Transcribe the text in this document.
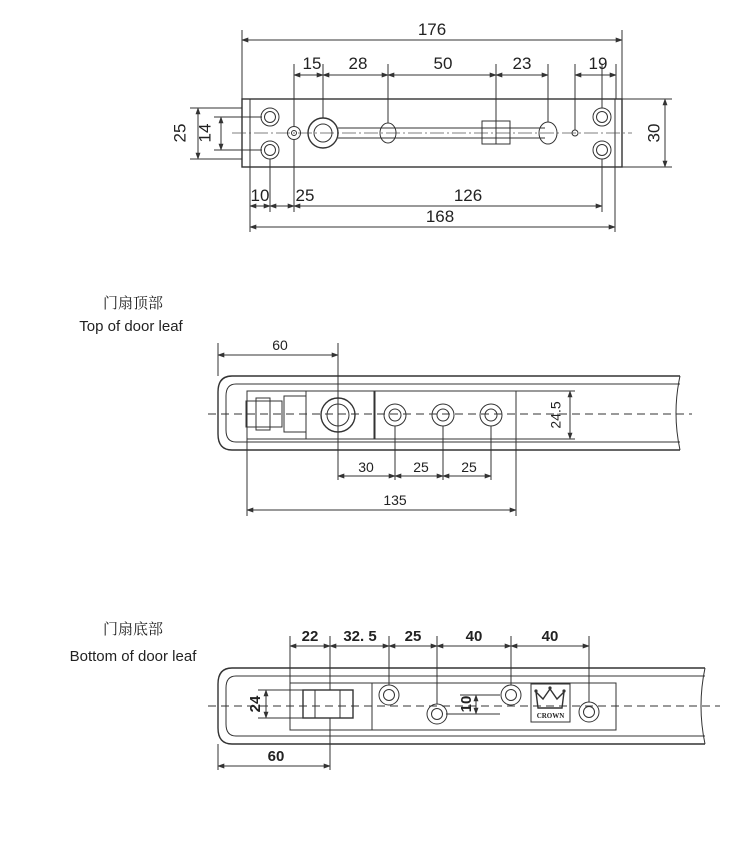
176
15 28	50	23	19
25 14	30
10 25	126
168
门扇顶部
Top of door leaf
60
24.5
30	25 25
135
门扇底部
Bottom of door leaf
CROWN
22 32. 5 25	40	40
24	10
60
